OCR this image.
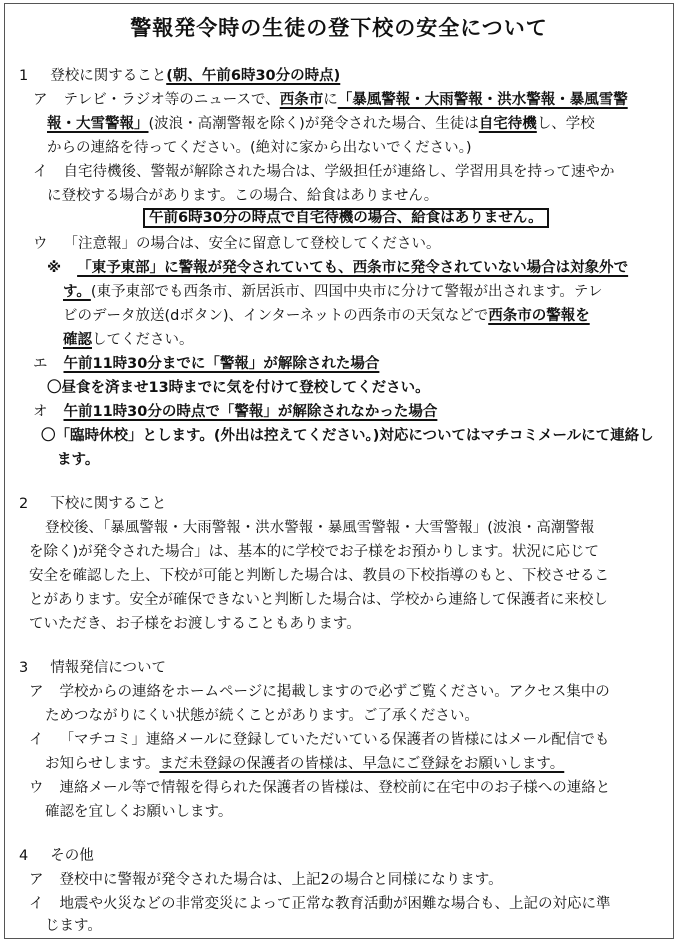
警報発令時の生徒の登下校の安全について
1 登校に関すること(朝、午前6時30分の時点)
ア テレビ・ラジオ等のニュースで、西条市に「暴風警報・大雨警報・洪水警報・暴風雪警
報・大雪警報」(波浪・高潮警報を除く)が発令された場合、生徒は自宅待機し、学校
からの連絡を待ってください。(絶対に家から出ないでください。)
イ 自宅待機後、警報が解除された場合は、学級担任が連絡し、学習用具を持って速やか
に登校する場合があります。この場合、給食はありません。
午前6時30分の時点で自宅待機の場合、給食はありません。
ウ 「注意報」の場合は、安全に留意して登校してください。
※ 「東予東部」に警報が発令されていても、西条市に発令されていない場合は対象外で
す。(東予東部でも西条市、新居浜市、四国中央市に分けて警報が出されます。テレ
ビのデータ放送(dボタン)、インターネットの西条市の天気などで西条市の警報を
確認してください。
エ 午前11時30分までに「警報」が解除された場合
〇昼食を済ませ13時までに気を付けて登校してください。
オ 午前11時30分の時点で「警報」が解除されなかった場合
〇「臨時休校」とします。(外出は控えてください。)対応についてはマチコミメールにて連絡し
ます。
2 下校に関すること
登校後、「暴風警報・大雨警報・洪水警報・暴風雪警報・大雪警報」(波浪・高潮警報
を除く)が発令された場合」は、基本的に学校でお子様をお預かりします。状況に応じて
安全を確認した上、下校が可能と判断した場合は、教員の下校指導のもと、下校させるこ
とがあります。安全が確保できないと判断した場合は、学校から連絡して保護者に来校し
ていただき、お子様をお渡しすることもあります。
3 情報発信について
ア 学校からの連絡をホームページに掲載しますので必ずご覧ください。アクセス集中の
ためつながりにくい状態が続くことがあります。ご了承ください。
イ 「マチコミ」連絡メールに登録していただいている保護者の皆様にはメール配信でも
お知らせします。まだ未登録の保護者の皆様は、早急にご登録をお願いします。
ウ 連絡メール等で情報を得られた保護者の皆様は、登校前に在宅中のお子様への連絡と
確認を宜しくお願いします。
4 その他
ア 登校中に警報が発令された場合は、上記2の場合と同様になります。
イ 地震や火災などの非常変災によって正常な教育活動が困難な場合も、上記の対応に準
じます。
